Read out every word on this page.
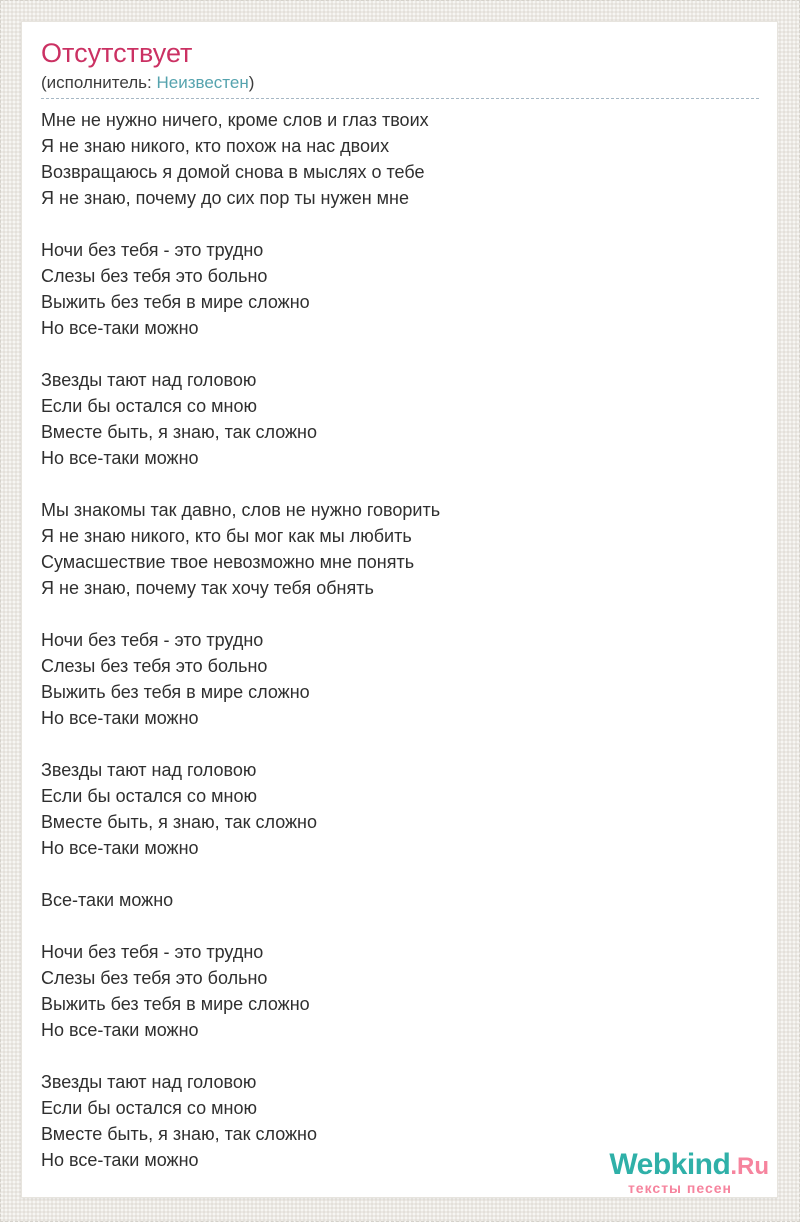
Отсутствует
(исполнитель: Неизвестен)
Мне не нужно ничего, кроме слов и глаз твоих
Я не знаю никого, кто похож на нас двоих
Возвращаюсь я домой снова в мыслях о тебе
Я не знаю, почему до сих пор ты нужен мне
Ночи без тебя - это трудно
Слезы без тебя это больно
Выжить без тебя в мире сложно
Но все-таки можно
Звезды тают над головою
Если бы остался со мною
Вместе быть, я знаю, так сложно
Но все-таки можно
Мы знакомы так давно, слов не нужно говорить
Я не знаю никого, кто бы мог как мы любить
Сумасшествие твое невозможно мне понять
Я не знаю, почему так хочу тебя обнять
Ночи без тебя - это трудно
Слезы без тебя это больно
Выжить без тебя в мире сложно
Но все-таки можно
Звезды тают над головою
Если бы остался со мною
Вместе быть, я знаю, так сложно
Но все-таки можно
Все-таки можно
Ночи без тебя - это трудно
Слезы без тебя это больно
Выжить без тебя в мире сложно
Но все-таки можно
Звезды тают над головою
Если бы остался со мною
Вместе быть, я знаю, так сложно
Но все-таки можно	Webkind.Ru
тексты песен
